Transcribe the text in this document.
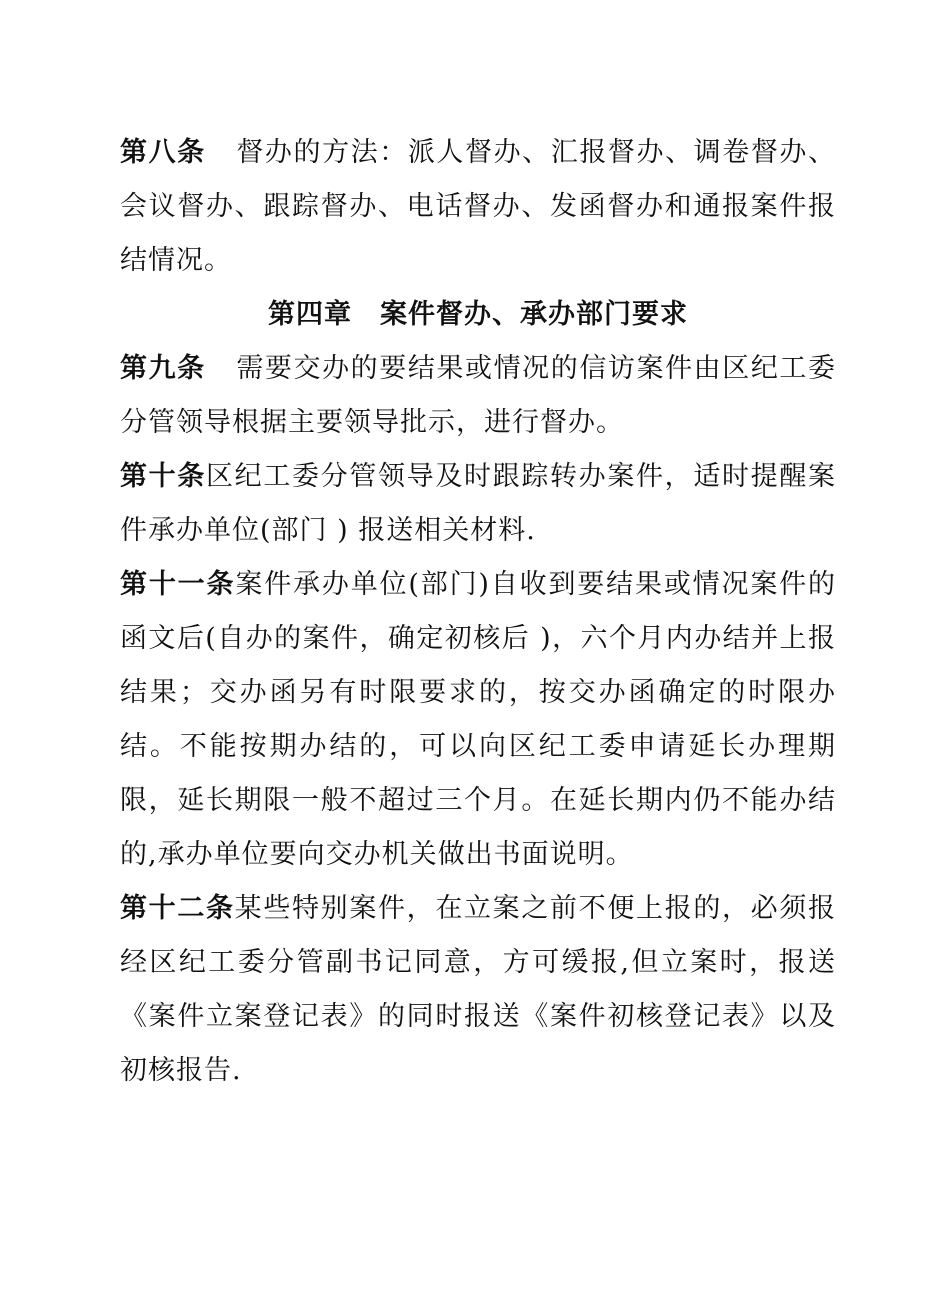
第八条 督办的方法：派人督办、汇报督办、调卷督办、会议督办、跟踪督办、电话督办、发函督办和通报案件报结情况。

第四章　案件督办、承办部门要求

第九条 需要交办的要结果或情况的信访案件由区纪工委分管领导根据主要领导批示，进行督办。

第十条区纪工委分管领导及时跟踪转办案件，适时提醒案件承办单位(部门 ) 报送相关材料.

第十一条案件承办单位(部门)自收到要结果或情况案件的函文后(自办的案件，确定初核后 )，六个月内办结并上报结果；交办函另有时限要求的，按交办函确定的时限办结。不能按期办结的，可以向区纪工委申请延长办理期限，延长期限一般不超过三个月。在延长期内仍不能办结的,承办单位要向交办机关做出书面说明。

第十二条某些特别案件，在立案之前不便上报的，必须报经区纪工委分管副书记同意，方可缓报,但立案时，报送《案件立案登记表》的同时报送《案件初核登记表》以及初核报告.
